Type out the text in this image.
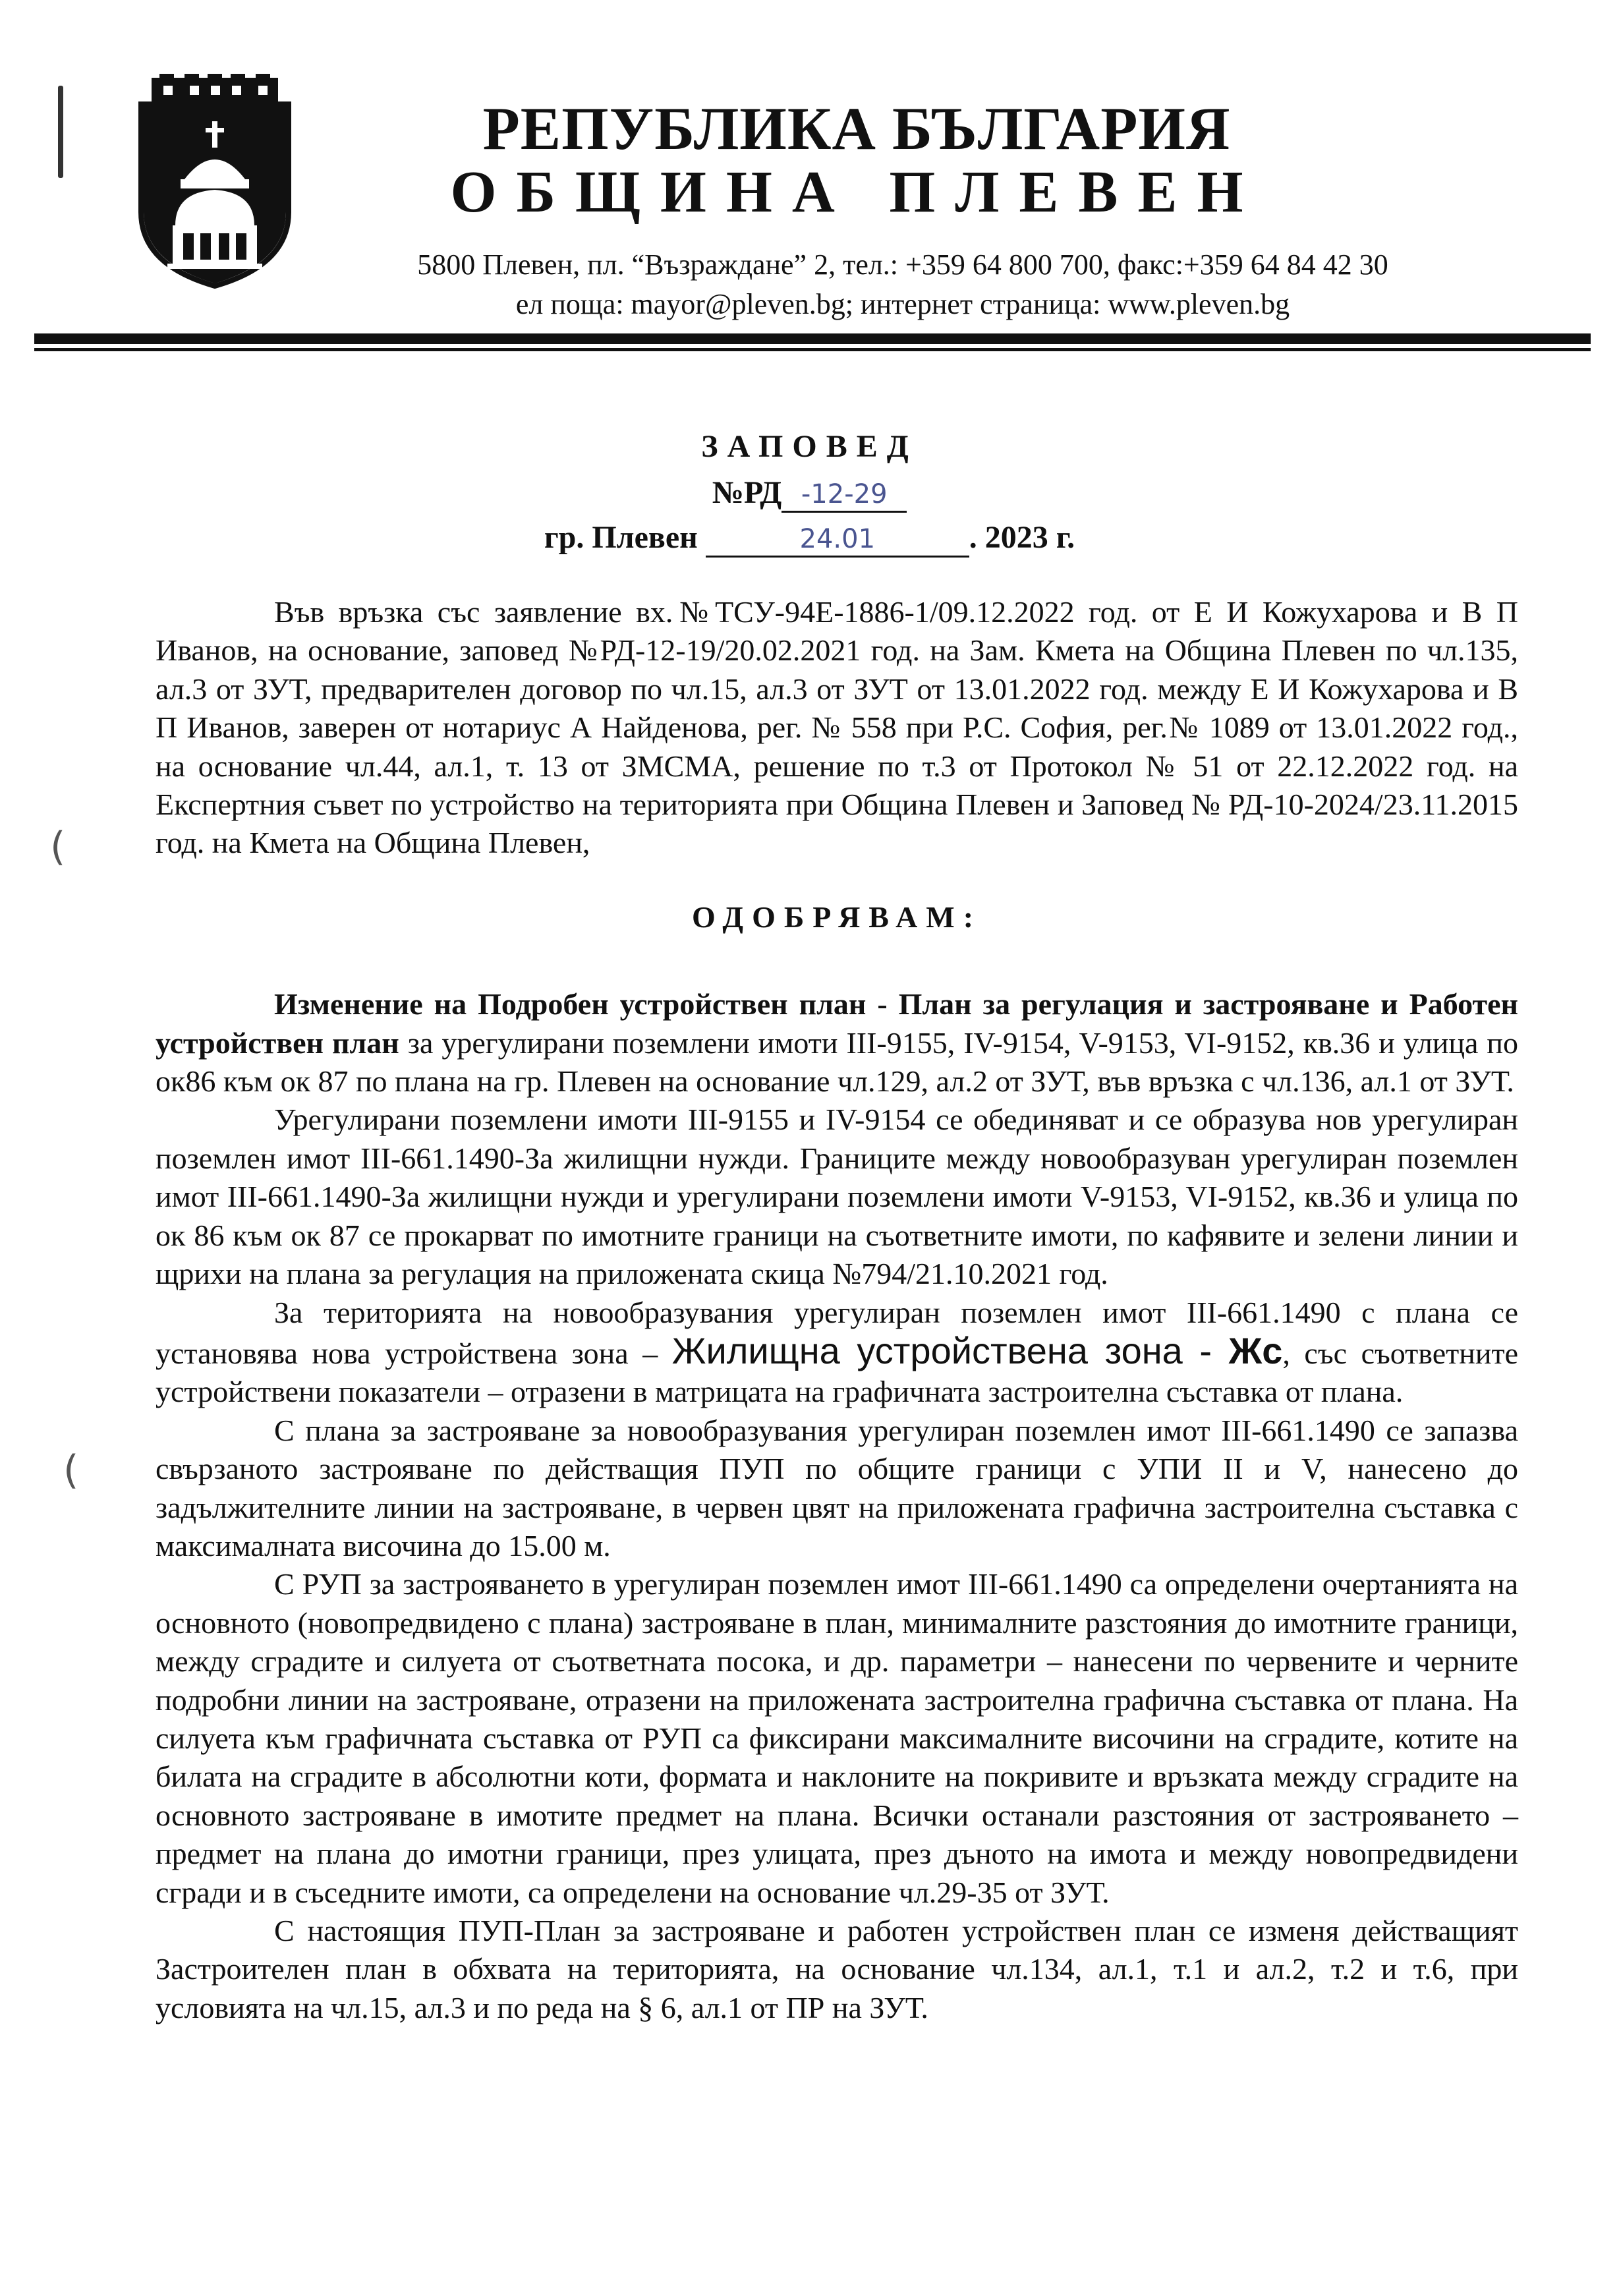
РЕПУБЛИКА БЪЛГАРИЯ
ОБЩИНА ПЛЕВЕН
5800 Плевен, пл. “Възраждане” 2, тел.: +359 64 800 700, факс:+359 64 84 42 30
ел поща: mayor@pleven.bg; интернет страница: www.pleven.bg
ЗАПОВЕД
№РД -12-29
гр. Плевен	24.01	. 2023 г.
(
(

Във връзка със заявление вх.№ТСУ-94Е-1886-1/09.12.2022 год. от Е И Кожухарова и В П Иванов, на основание, заповед №РД-12-19/20.02.2021 год. на Зам. Кмета на Община Плевен по чл.135, ал.3 от ЗУТ, предварителен договор по чл.15, ал.3 от ЗУТ от 13.01.2022 год. между Е И Кожухарова и В П Иванов, заверен от нотариус А Найденова, рег. № 558 при Р.С. София, рег.№ 1089 от 13.01.2022 год., на основание чл.44, ал.1, т. 13 от ЗМСМА, решение по т.3 от Протокол № 51 от 22.12.2022 год. на Експертния съвет по устройство на територията при Община Плевен и Заповед № РД-10-2024/23.11.2015 год. на Кмета на Община Плевен,

ОДОБРЯВАМ:

Изменение на Подробен устройствен план - План за регулация и застрояване и Работен устройствен план за урегулирани поземлени имоти III-9155, IV-9154, V-9153, VI-9152, кв.36 и улица по ок86 към ок 87 по плана на гр. Плевен на основание чл.129, ал.2 от ЗУТ, във връзка с чл.136, ал.1 от ЗУТ.

Урегулирани поземлени имоти III-9155 и IV-9154 се обединяват и се образува нов урегулиран поземлен имот III-661.1490-За жилищни нужди. Границите между новообразуван урегулиран поземлен имот III-661.1490-За жилищни нужди и урегулирани поземлени имоти V-9153, VI-9152, кв.36 и улица по ок 86 към ок 87 се прокарват по имотните граници на съответните имоти, по кафявите и зелени линии и щрихи на плана за регулация на приложената скица №794/21.10.2021 год.

За територията на новообразувания урегулиран поземлен имот III-661.1490 с плана се установява нова устройствена зона – Жилищна устройствена зона - Жс, със съответните устройствени показатели – отразени в матрицата на графичната застроителна съставка от плана.

С плана за застрояване за новообразувания урегулиран поземлен имот III-661.1490 се запазва свързаното застрояване по действащия ПУП по общите граници с УПИ II и V, нанесено до задължителните линии на застрояване, в червен цвят на приложената графична застроителна съставка с максималната височина до 15.00 м.

С РУП за застрояването в урегулиран поземлен имот III-661.1490 са определени очертанията на основното (новопредвидено с плана) застрояване в план, минималните разстояния до имотните граници, между сградите и силуета от съответната посока, и др. параметри – нанесени по червените и черните подробни линии на застрояване, отразени на приложената застроителна графична съставка от плана. На силуета към графичната съставка от РУП са фиксирани максималните височини на сградите, котите на билата на сградите в абсолютни коти, формата и наклоните на покривите и връзката между сградите на основното застрояване в имотите предмет на плана. Всички останали разстояния от застрояването – предмет на плана до имотни граници, през улицата, през дъното на имота и между новопредвидени сгради и в съседните имоти, са определени на основание чл.29-35 от ЗУТ.

С настоящия ПУП-План за застрояване и работен устройствен план се изменя действащият Застроителен план в обхвата на територията, на основание чл.134, ал.1, т.1 и ал.2, т.2 и т.6, при условията на чл.15, ал.3 и по реда на § 6, ал.1 от ПР на ЗУТ.
